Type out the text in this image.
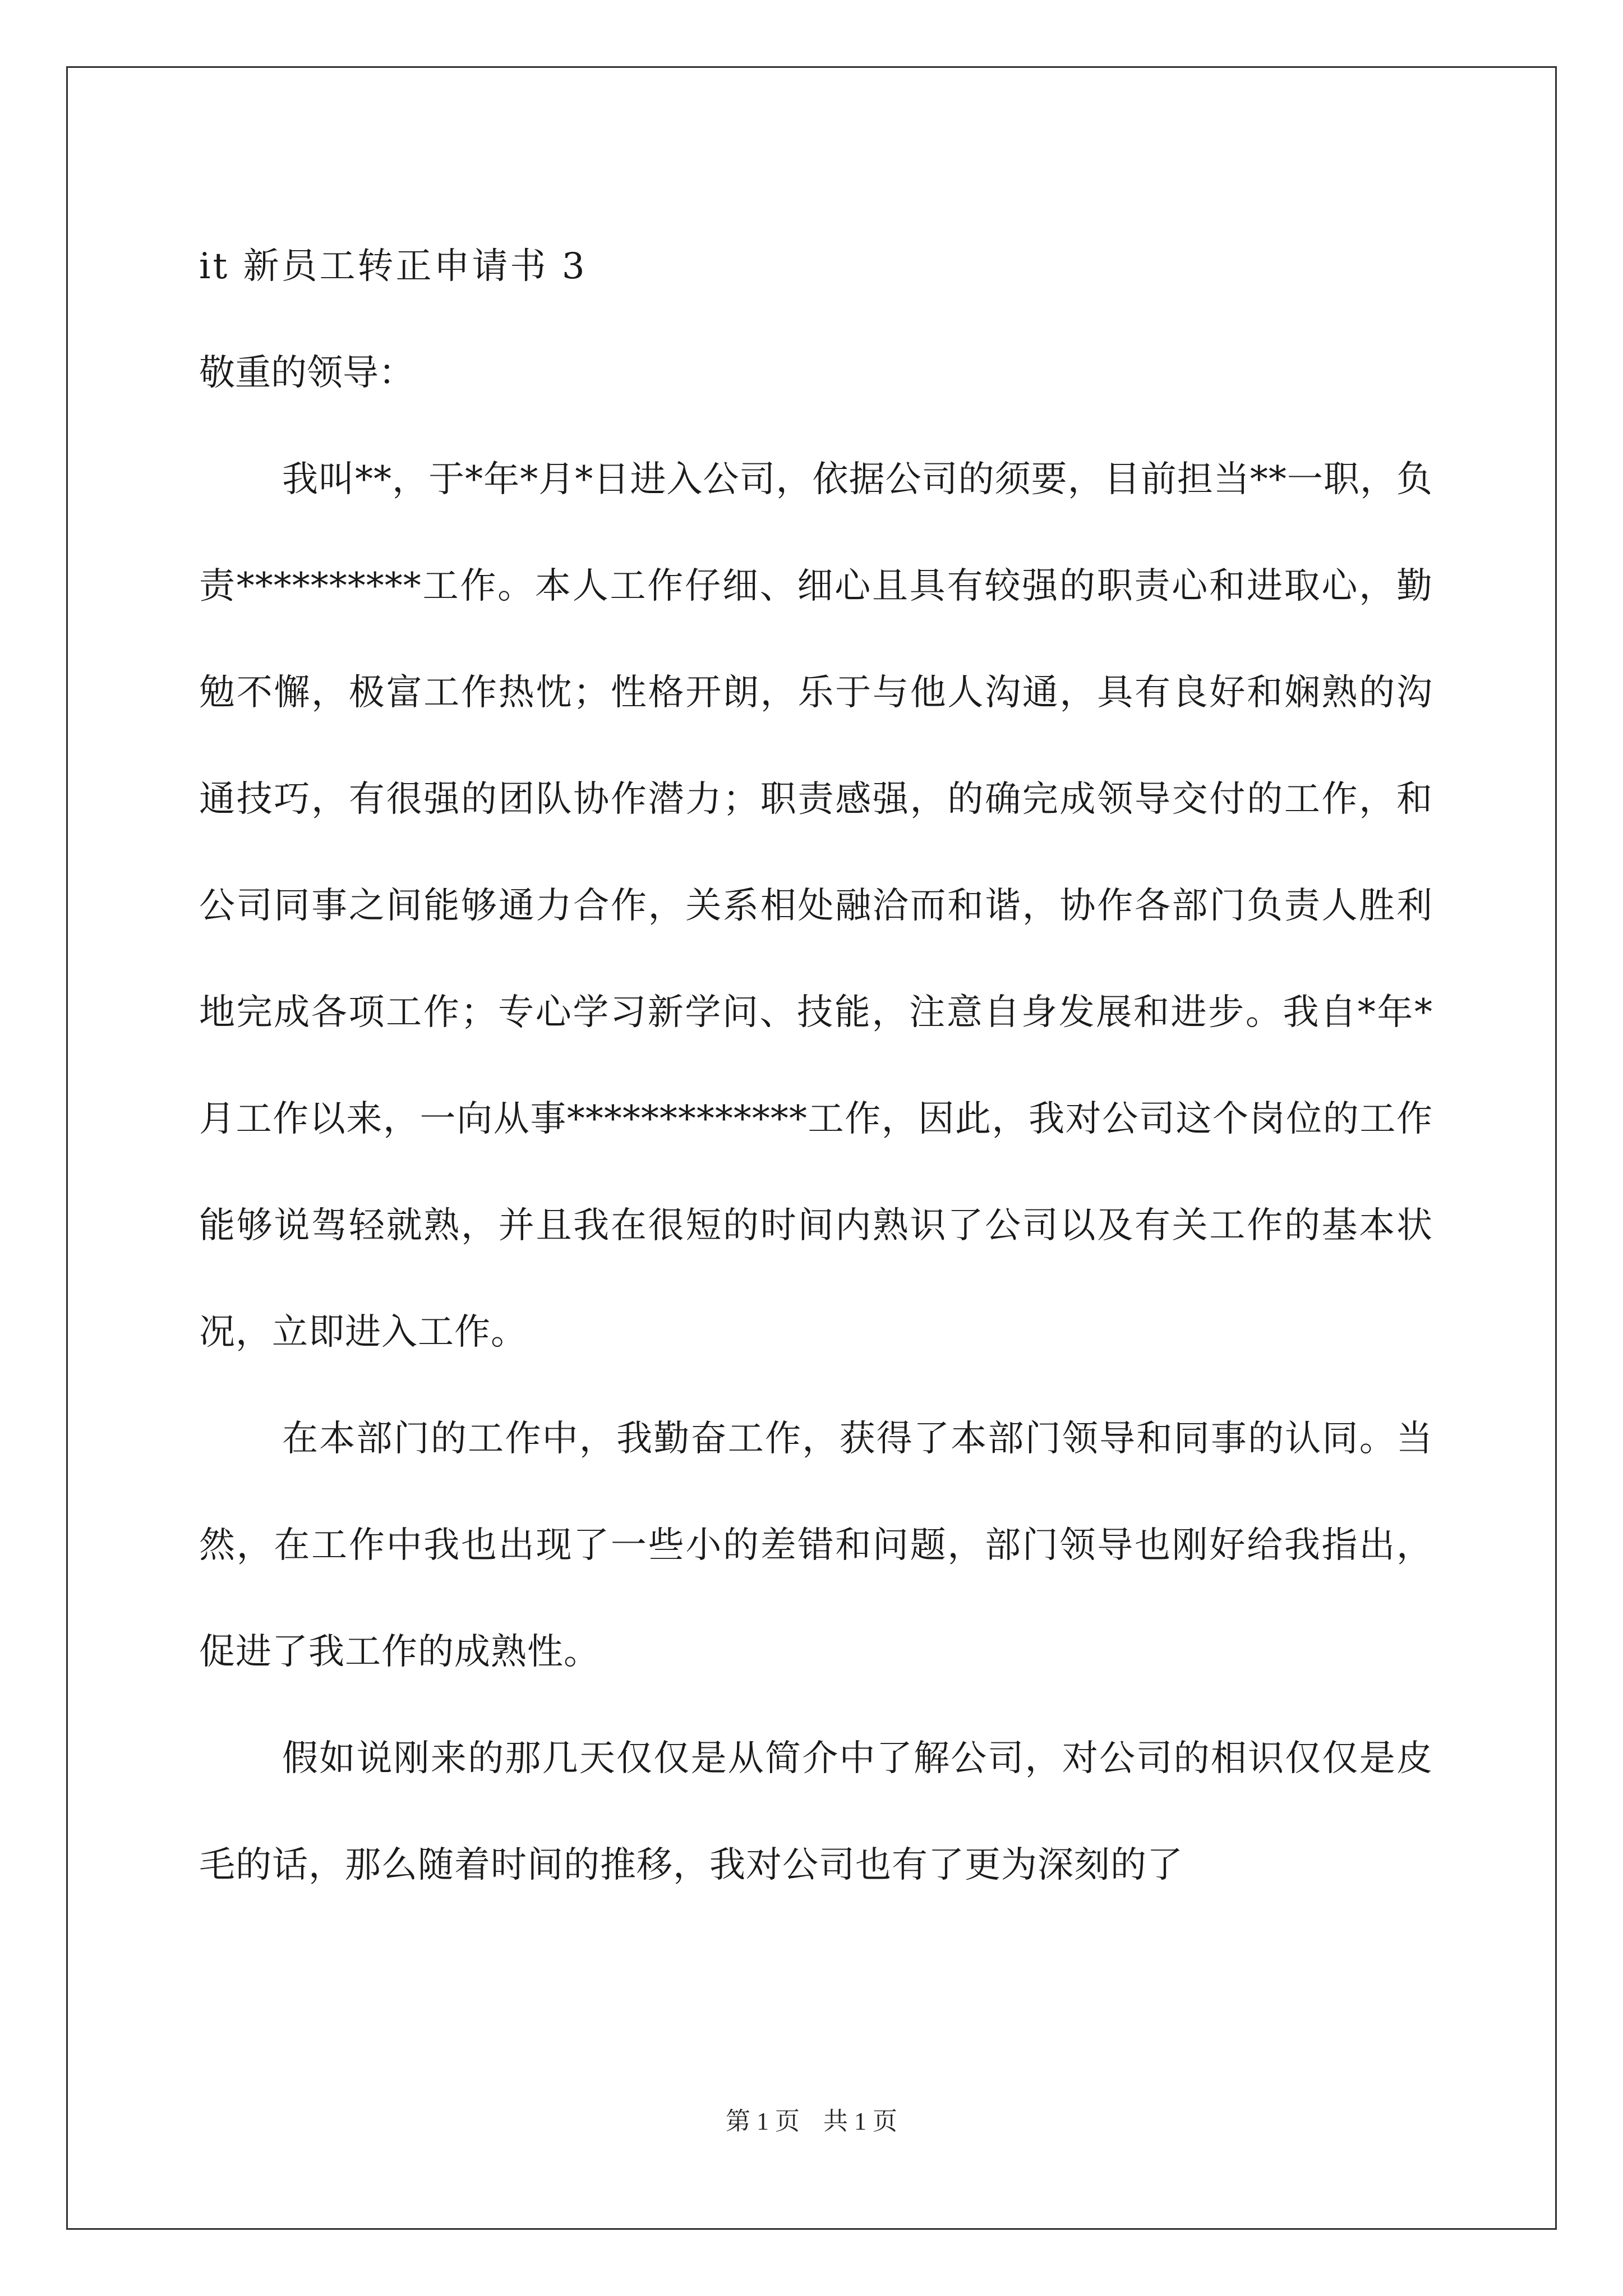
it 新员工转正申请书 3

敬重的领导：

我叫**，于*年*月*日进入公司，依据公司的须要，目前担当**一职，负责**********工作。本人工作仔细、细心且具有较强的职责心和进取心，勤勉不懈，极富工作热忱；性格开朗，乐于与他人沟通，具有良好和娴熟的沟通技巧，有很强的团队协作潜力；职责感强，的确完成领导交付的工作，和公司同事之间能够通力合作，关系相处融洽而和谐，协作各部门负责人胜利地完成各项工作；专心学习新学问、技能，注意自身发展和进步。我自*年*月工作以来，一向从事*************工作，因此，我对公司这个岗位的工作能够说驾轻就熟，并且我在很短的时间内熟识了公司以及有关工作的基本状况，立即进入工作。

在本部门的工作中，我勤奋工作，获得了本部门领导和同事的认同。当然，在工作中我也出现了一些小的差错和问题，部门领导也刚好给我指出，促进了我工作的成熟性。

假如说刚来的那几天仅仅是从简介中了解公司，对公司的相识仅仅是皮毛的话，那么随着时间的推移，我对公司也有了更为深刻的了

第 1 页 共 1 页
